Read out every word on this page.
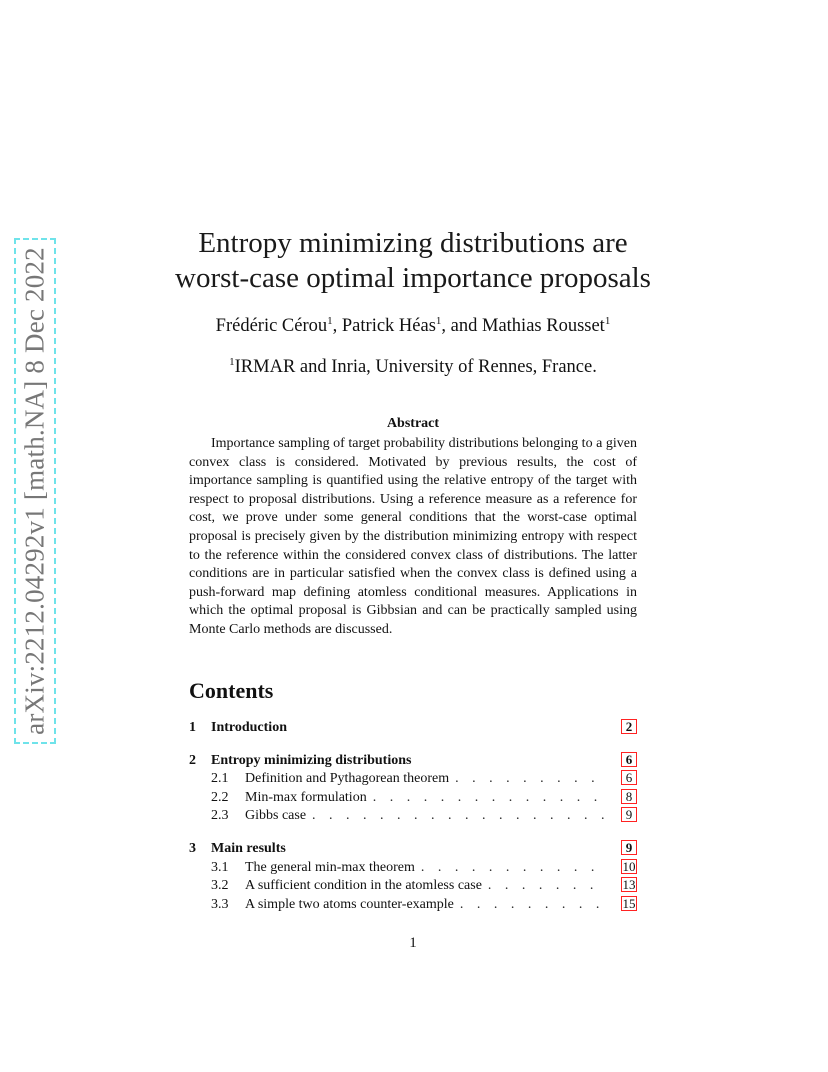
arXiv:2212.04292v1 [math.NA] 8 Dec 2022
Entropy minimizing distributions are
worst-case optimal importance proposals
Frédéric Cérou$^1$, Patrick Héas$^1$, and Mathias Rousset$^1$
$^1$IRMAR and Inria, University of Rennes, France.
Abstract
Importance sampling of target probability distributions belonging to a given convex class is considered. Motivated by previous results, the cost of importance sampling is quantified using the relative entropy of the target with respect to proposal distributions. Using a reference measure as a reference for cost, we prove under some general conditions that the worst-case optimal proposal is precisely given by the distribution minimizing entropy with respect to the reference within the considered convex class of distributions. The latter conditions are in particular satisfied when the convex class is defined using a push-forward map defining atomless conditional measures. Applications in which the optimal proposal is Gibbsian and can be practically sampled using Monte Carlo methods are discussed.
Contents
1	Introduction	2
2	Entropy minimizing distributions	6
2.1	Definition and Pythagorean theorem . . .	6
2.2	Min-max formulation . . .	8
2.3	Gibbs case . . .	9
3	Main results	9
3.1	The general min-max theorem . . .	10
3.2	A sufficient condition in the atomless case . . .	13
3.3	A simple two atoms counter-example . . .	15
1
